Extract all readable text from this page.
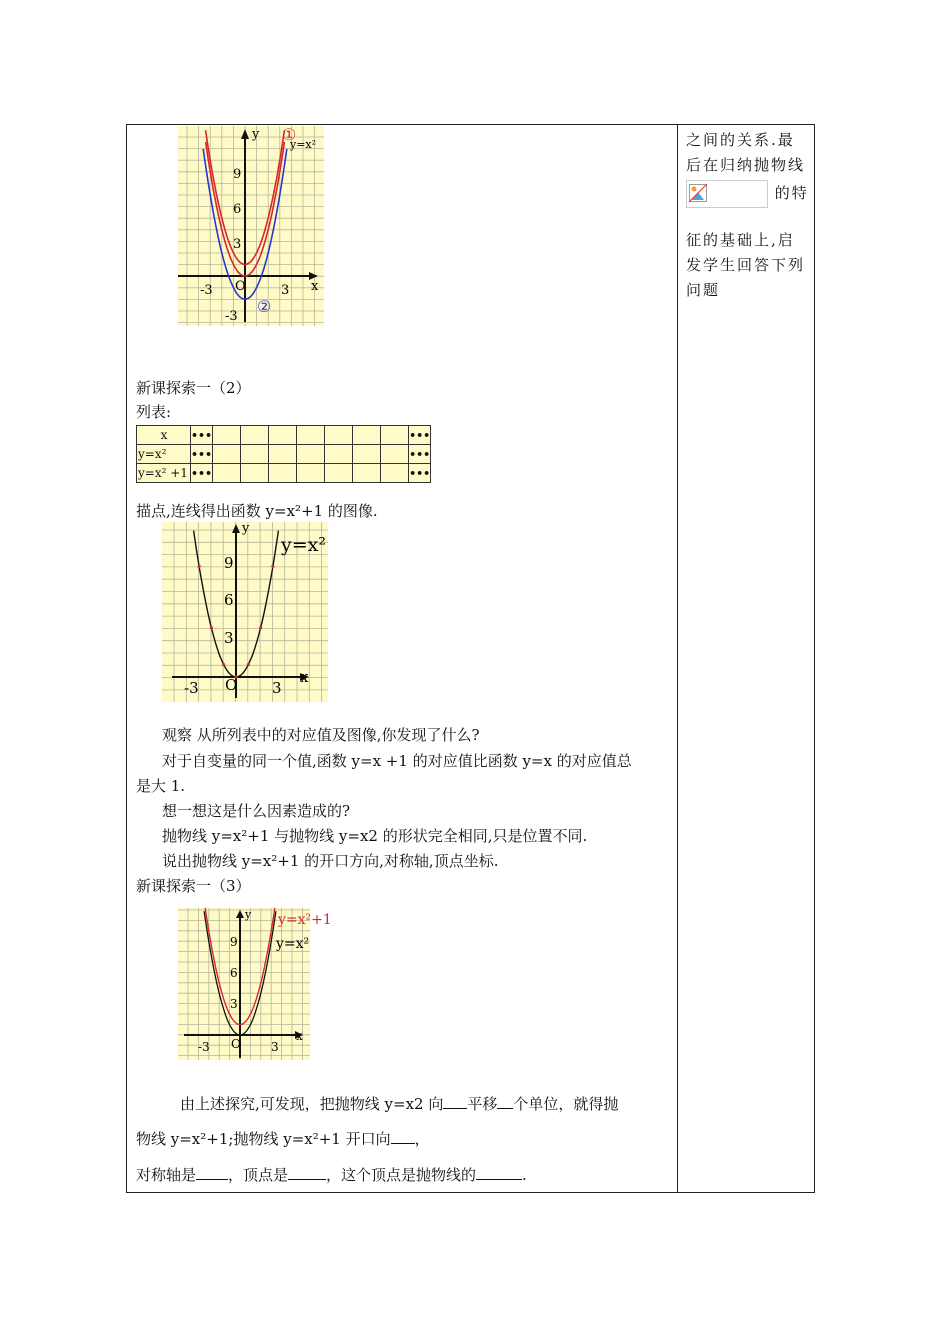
之间的关系.最

后在归纳抛物线

的特

征的基础上,启

发学生回答下列

问题

y
x
①
y=x²
②
9
6
3
-3
-3 O	3
新课探索一（2）
列表:
x	•••								•••
y=x²	•••								•••
y=x² +1	•••								•••
描点,连线得出函数 y=x²+1 的图像.
y
x
y=x²
9
6
3
-3 O 3
观察 从所列表中的对应值及图像,你发现了什么?
对于自变量的同一个值,函数 y=x +1 的对应值比函数 y=x 的对应值总
是大 1.
想一想这是什么因素造成的?
抛物线 y=x²+1 与抛物线 y=x2 的形状完全相同,只是位置不同.
说出抛物线 y=x²+1 的开口方向,对称轴,顶点坐标.
新课探索一（3）
y
x
y=x²+1
y=x²
9
6
3
-3 O	3
由上述探究,可发现，把抛物线 y=x2 向 平移 个单位，就得抛
物线 y=x²+1;抛物线 y=x²+1 开口向 ，
对称轴是 ，顶点是	，这个顶点是抛物线的	.
